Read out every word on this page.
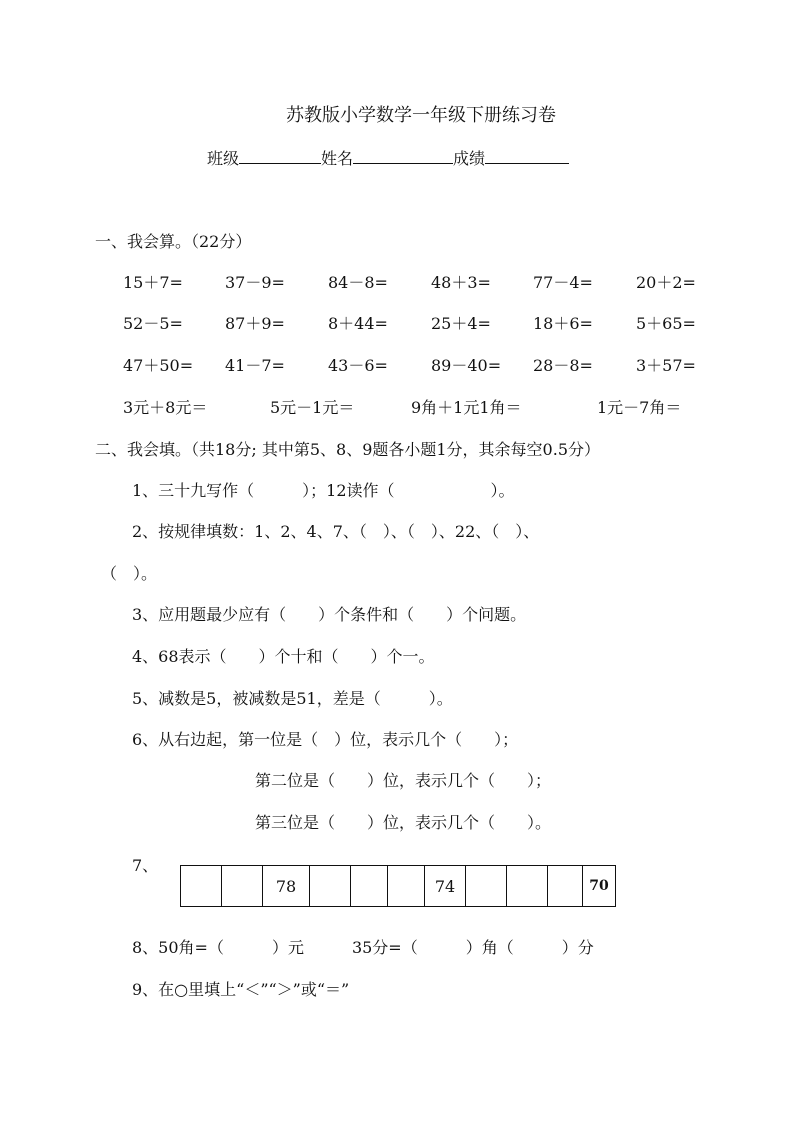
苏教版小学数学一年级下册练习卷
班级	姓名	成绩
一、我会算。（22分）
15＋7=	37－9=	84－8=	48＋3=	77－4=	20＋2=
52－5=	87＋9=	8＋44=	25＋4=	18＋6=	5＋65=
47＋50= 41－7=	43－6=	89－40= 28－8=	3＋57=
3元＋8元＝	5元－1元＝	9角＋1元1角＝	1元－7角＝
二、我会填。（共18分; 其中第5、8、9题各小题1分，其余每空0.5分）
1、三十九写作（　　　）；12读作（　　　　　　）。
2、按规律填数：1、2、4、7、（　）、（　）、22、（　）、
（　）。
3、应用题最少应有（　　）个条件和（　　）个问题。
4、68表示（　　）个十和（　　）个一。
5、减数是5，被减数是51，差是（　　　）。
6、从右边起，第一位是（　）位，表示几个（　　）；
第二位是（　　）位，表示几个（　　）；
第三位是（　　）位，表示几个（　　）。
7、
		78				74				70
8、50角=（　　　）元　　　35分=（　　　）角（　　　）分
9、在○里填上“＜”“＞”或“＝”
